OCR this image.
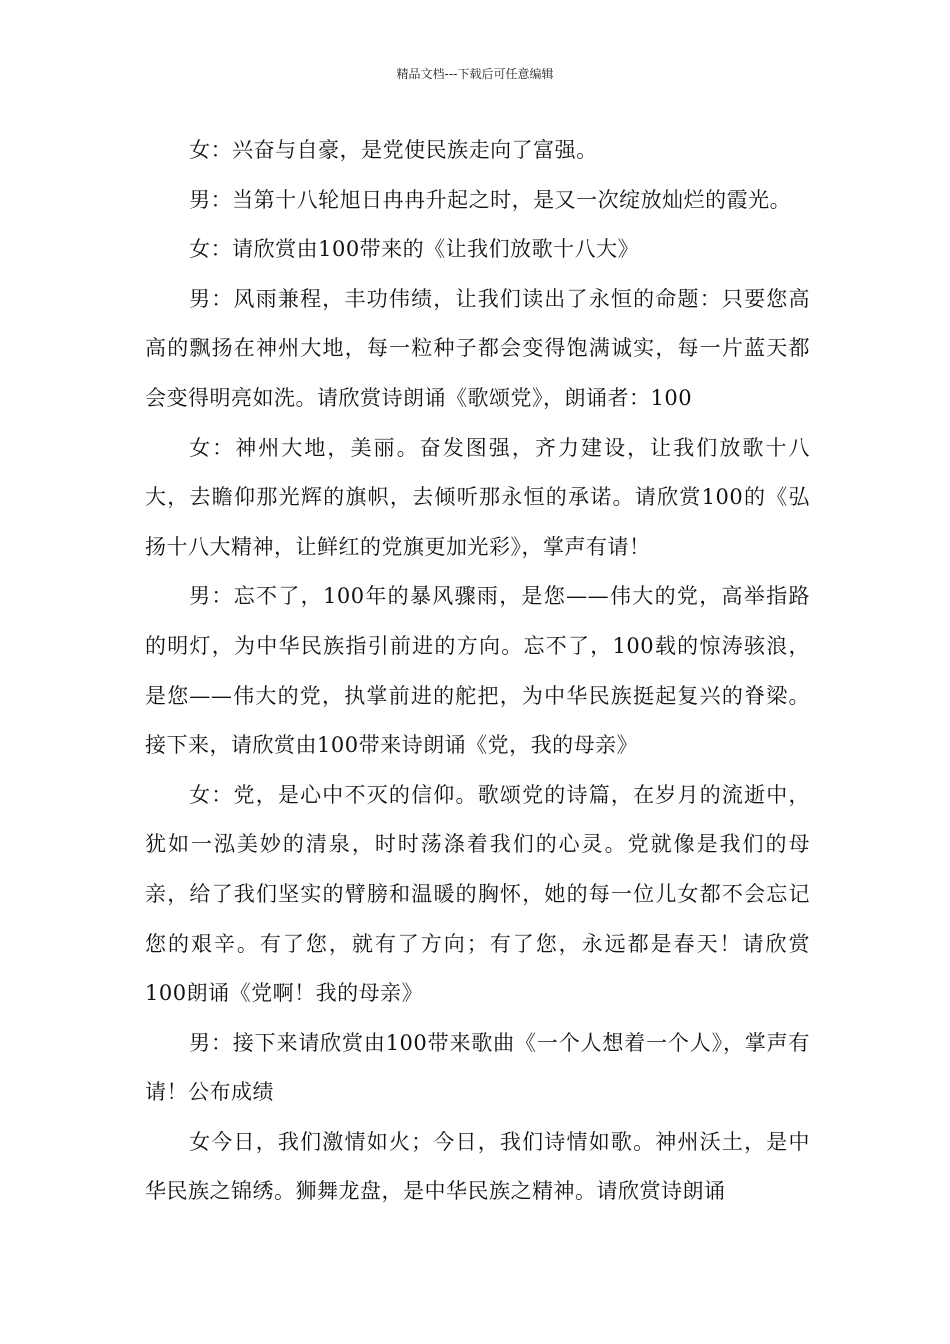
精品文档---下载后可任意编辑

女：兴奋与自豪，是党使民族走向了富强。

男：当第十八轮旭日冉冉升起之时，是又一次绽放灿烂的霞光。

女：请欣赏由100带来的《让我们放歌十八大》

男：风雨兼程，丰功伟绩，让我们读出了永恒的命题：只要您高高的飘扬在神州大地，每一粒种子都会变得饱满诚实，每一片蓝天都会变得明亮如洗。请欣赏诗朗诵《歌颂党》，朗诵者：100

女：神州大地，美丽。奋发图强，齐力建设，让我们放歌十八大，去瞻仰那光辉的旗帜，去倾听那永恒的承诺。请欣赏100的《弘扬十八大精神，让鲜红的党旗更加光彩》，掌声有请！

男：忘不了，100年的暴风骤雨，是您——伟大的党，高举指路的明灯，为中华民族指引前进的方向。忘不了，100载的惊涛骇浪，是您——伟大的党，执掌前进的舵把，为中华民族挺起复兴的脊梁。接下来，请欣赏由100带来诗朗诵《党，我的母亲》

女：党，是心中不灭的信仰。歌颂党的诗篇，在岁月的流逝中，犹如一泓美妙的清泉，时时荡涤着我们的心灵。党就像是我们的母亲，给了我们坚实的臂膀和温暖的胸怀，她的每一位儿女都不会忘记您的艰辛。有了您，就有了方向；有了您，永远都是春天！请欣赏100朗诵《党啊！我的母亲》

男：接下来请欣赏由100带来歌曲《一个人想着一个人》，掌声有请！公布成绩

女今日，我们激情如火；今日，我们诗情如歌。神州沃土，是中华民族之锦绣。狮舞龙盘，是中华民族之精神。请欣赏诗朗诵
